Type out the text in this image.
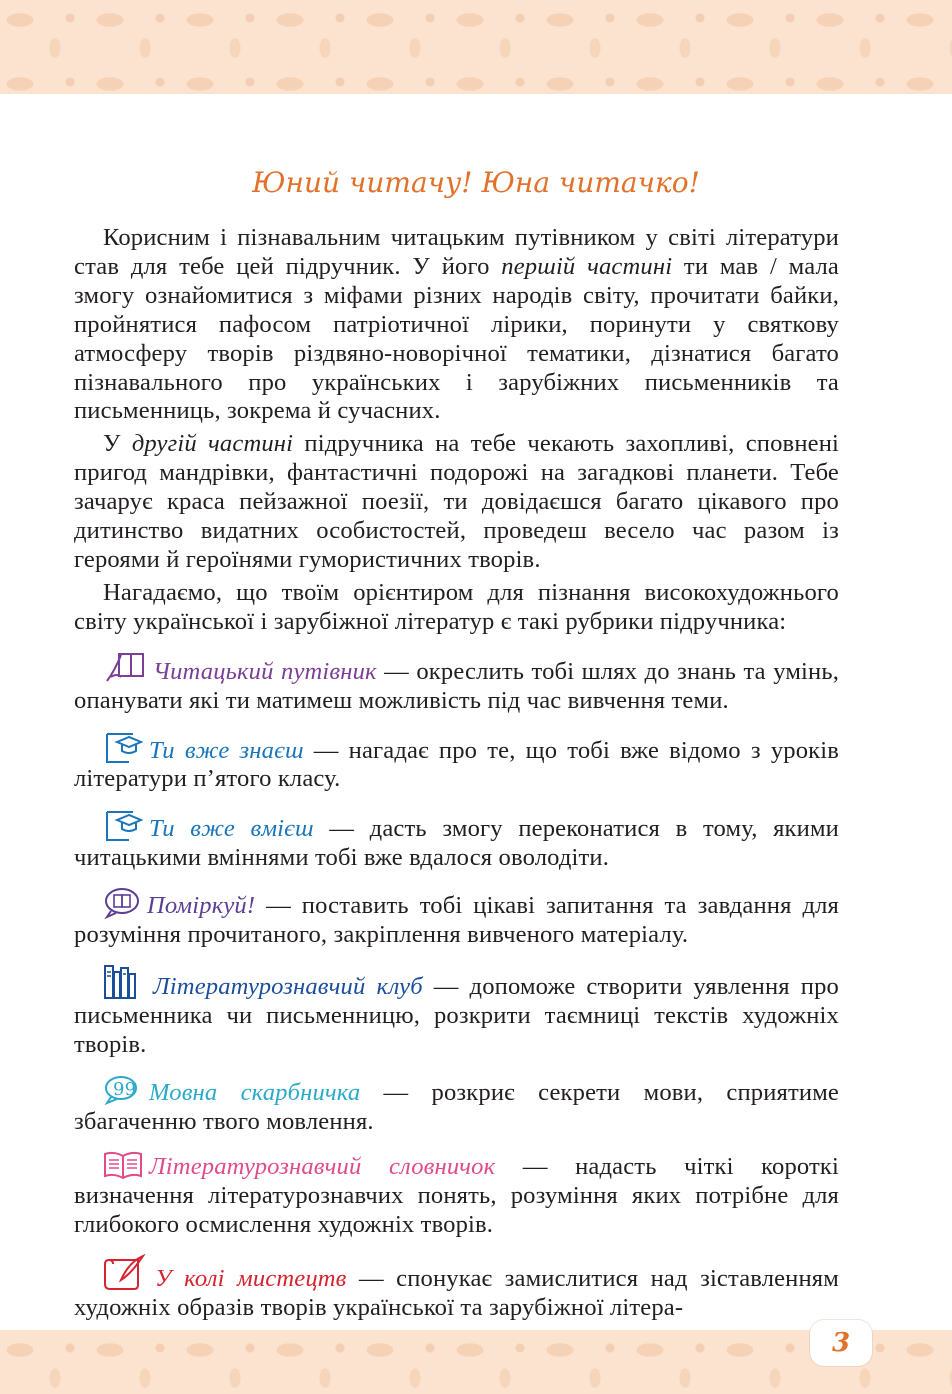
Юний читачу! Юна читачко!

Корисним і пізнавальним читацьким путівником у світі літератури став для тебе цей підручник. У його першій частині ти мав / мала змогу ознайомитися з міфами різних народів світу, прочитати байки, пройнятися пафосом патріотичної лірики, поринути у святкову атмосферу творів різдвяно-новорічної тематики, дізнатися багато пізнавального про українських і зарубіжних письменників та письменниць, зокрема й сучасних.

У другій частині підручника на тебе чекають захопливі, сповнені пригод мандрівки, фантастичні подорожі на загадкові планети. Тебе зачарує краса пейзажної поезії, ти довідаєшся багато цікавого про дитинство видатних особистостей, проведеш весело час разом із героями й героїнями гумористичних творів.

Нагадаємо, що твоїм орієнтиром для пізнання високохудожнього світу української і зарубіжної літератур є такі рубрики підручника:

Читацький путівник — окреслить тобі шлях до знань та умінь, опанувати які ти матимеш можливість під час вивчення теми.

Ти вже знаєш — нагадає про те, що тобі вже відомо з уроків літератури п’ятого класу.

Ти вже вмієш — дасть змогу переконатися в тому, якими читацькими вміннями тобі вже вдалося оволодіти.

Поміркуй! — поставить тобі цікаві запитання та завдання для розуміння прочитаного, закріплення вивченого матеріалу.

Літературознавчий клуб — допоможе створити уявлення про письменника чи письменницю, розкрити таємниці текстів художніх творів.

99 Мовна скарбничка — розкриє секрети мови, сприятиме збагаченню твого мовлення.

Літературознавчий словничок — надасть чіткі короткі визначення літературознавчих понять, розуміння яких потрібне для глибокого осмислення художніх творів.

У колі мистецтв — спонукає замислитися над зіставленням художніх образів творів української та зарубіжної літера-

3
